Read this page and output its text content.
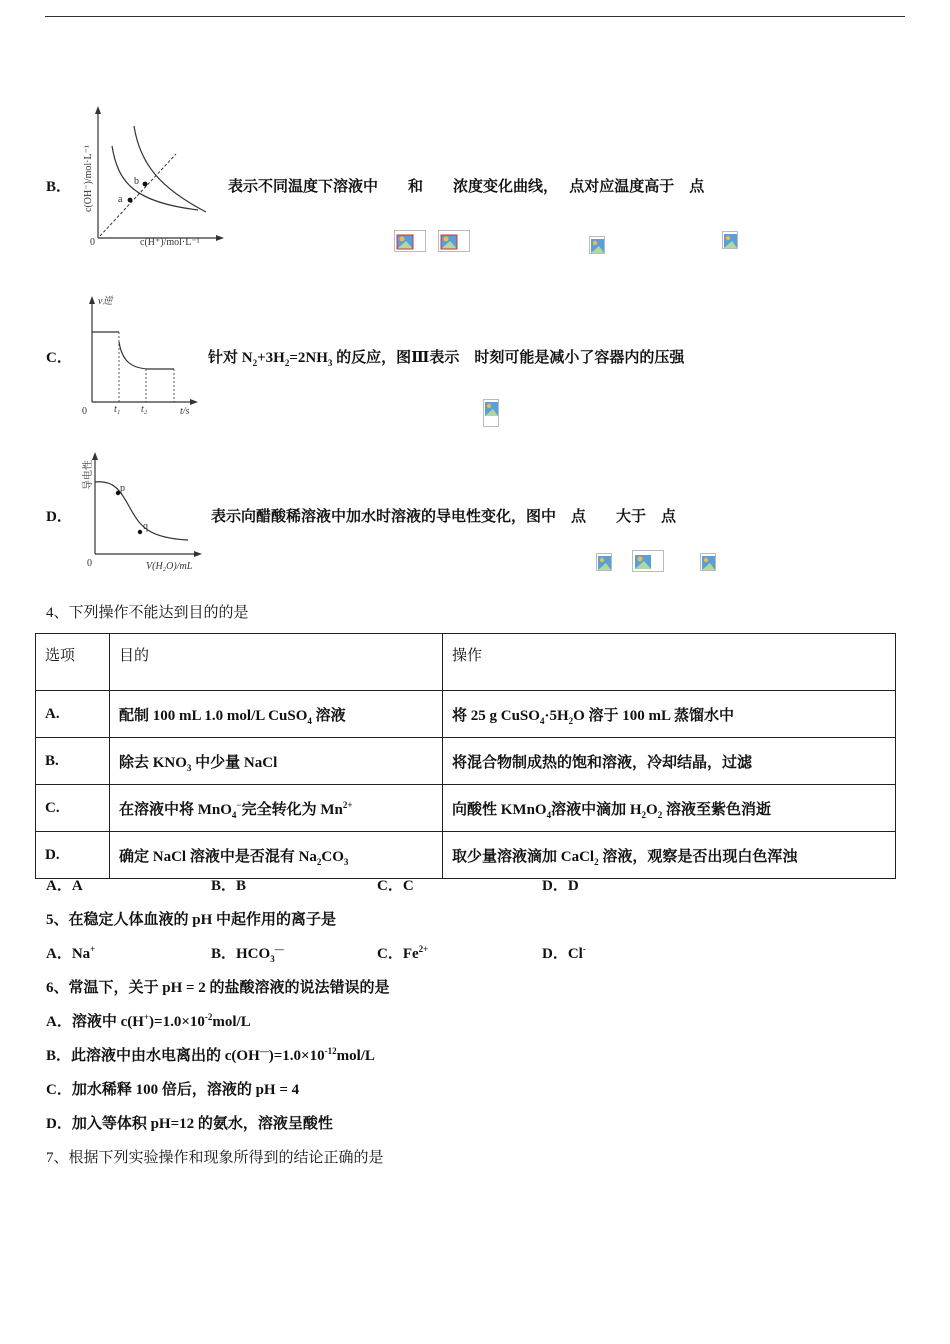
B．
a
b
0	c(H⁺)/mol·L⁻¹
c(OH⁻)/mol·L⁻¹	表示不同温度下溶液中　　和　　浓度变化曲线，　 点对应温度高于　点
C．
v逆
0	t₁ t₂	t/s
针对 $N_2+3H_2=2NH_3$ 的反应，图Ⅲ表示　时刻可能是减小了容器内的压强
D．
p
q
0	V(H₂O)/mL
导电性
表示向醋酸稀溶液中加水时溶液的导电性变化，图中　点　　大于　点
4、下列操作不能达到目的的是
选项	目的	操作
A.	配制 100 mL 1.0 mol/L CuSO$_4$ 溶液	将 25 g $CuSO_4\cdot 5H_2O$ 溶于 100 mL 蒸馏水中
B.	除去 $KNO_3$ 中少量 NaCl	将混合物制成热的饱和溶液，冷却结晶，过滤
C.	在溶液中将 MnO$_4$−完全转化为 $Mn^{2+}$	向酸性 KMnO$_4$溶液中滴加 $H_2O_2$ 溶液至紫色消逝
D.	确定 NaCl 溶液中是否混有 $Na_2CO_3$	取少量溶液滴加 CaCl$_2$ 溶液，观察是否出现白色浑浊
A．A	B．B	C．C	D．D
5、在稳定人体血液的 pH 中起作用的离子是
A．Na+	B．$HCO_3^—$	C．$Fe^{2+}$	D．Cl-
6、常温下，关于 pH = 2 的盐酸溶液的说法错误的是
A．溶液中 $c(H^+)=1.0\times 10^{-2}mol/L$
B．此溶液中由水电离出的 $c(OH^—)=1.0\times 10^{-12}mol/L$
C．加水稀释 100 倍后，溶液的 pH = 4
D．加入等体积 pH=12 的氨水，溶液呈酸性
7、根据下列实验操作和现象所得到的结论正确的是
